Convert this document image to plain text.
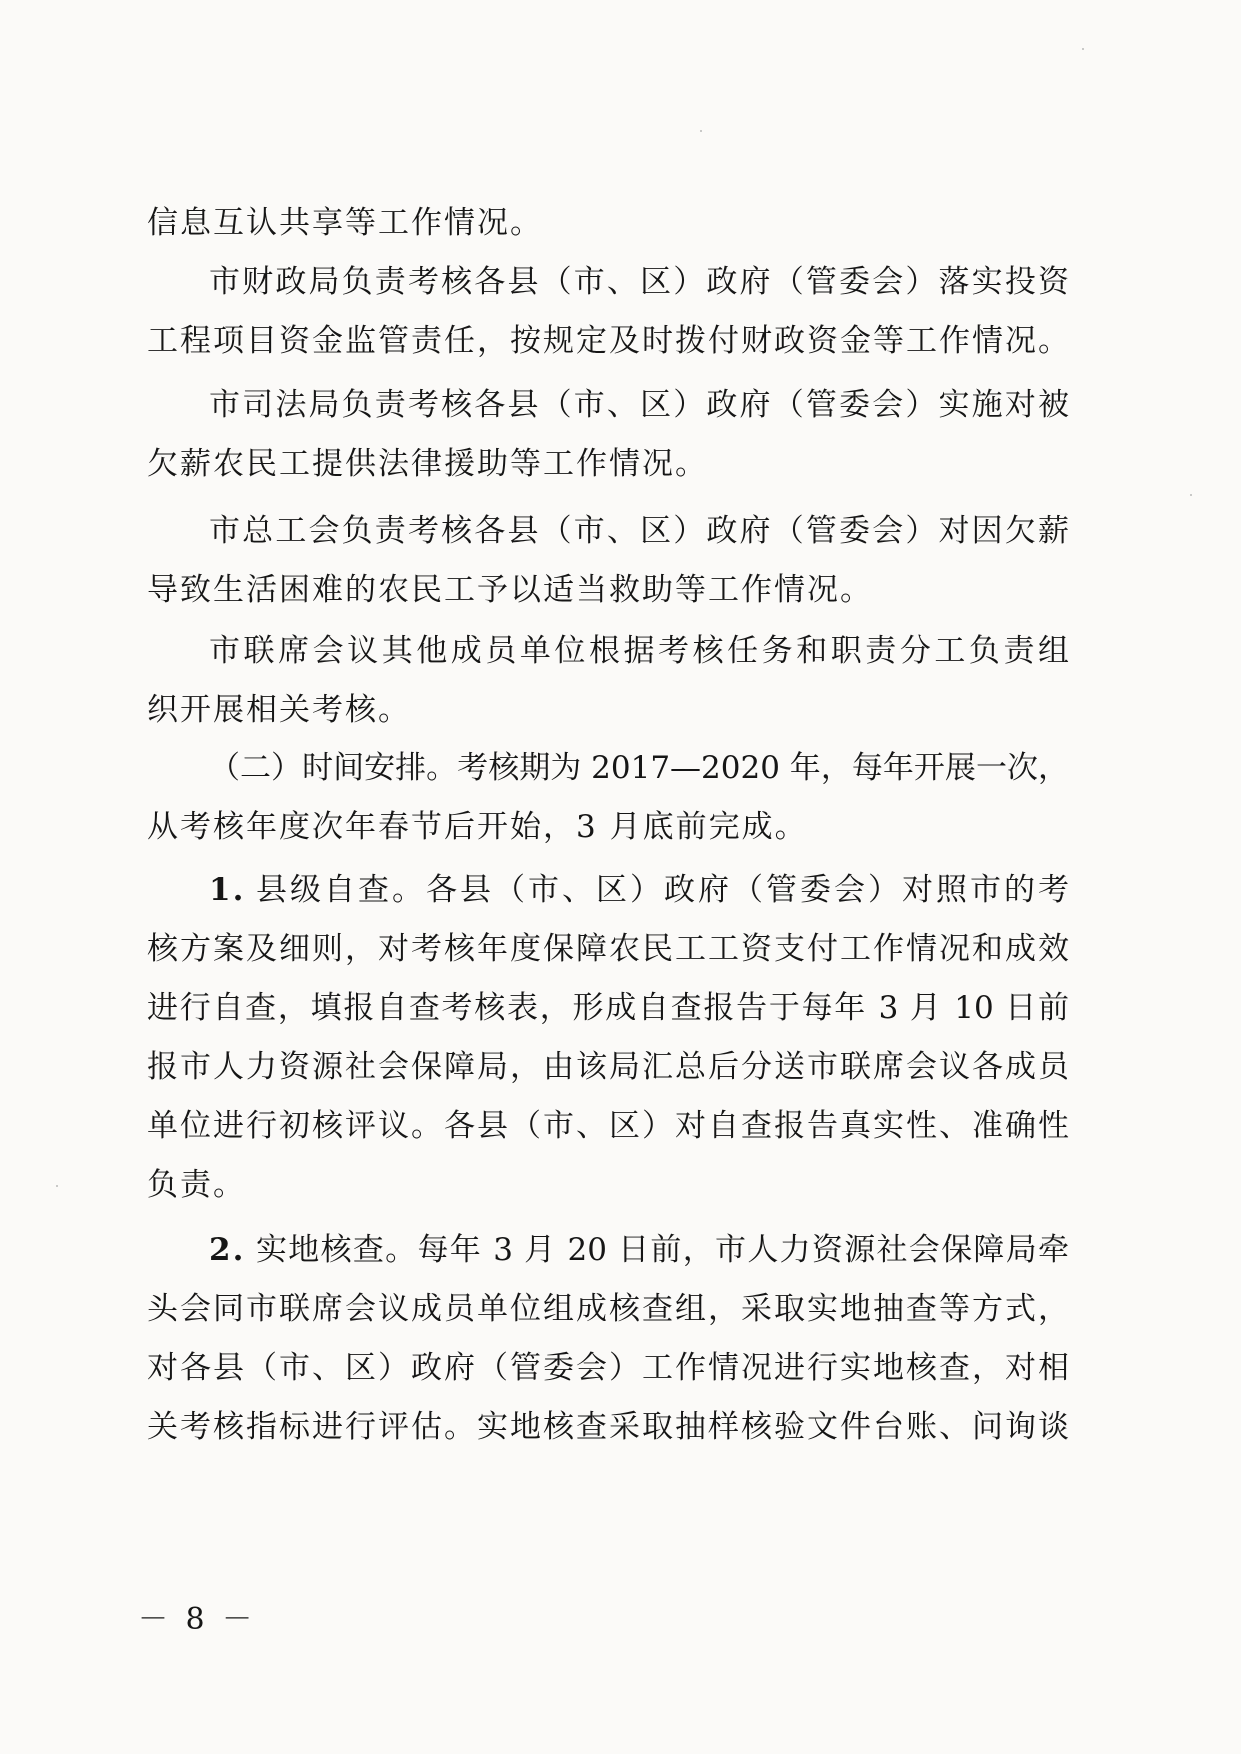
信息互认共享等工作情况。
市财政局负责考核各县（市、区）政府（管委会）落实投资
工程项目资金监管责任，按规定及时拨付财政资金等工作情况。
市司法局负责考核各县（市、区）政府（管委会）实施对被
欠薪农民工提供法律援助等工作情况。
市总工会负责考核各县（市、区）政府（管委会）对因欠薪
导致生活困难的农民工予以适当救助等工作情况。
市联席会议其他成员单位根据考核任务和职责分工负责组
织开展相关考核。
（二）时间安排。考核期为 2017—2020 年，每年开展一次，
从考核年度次年春节后开始，3 月底前完成。
1. 县级自查。各县（市、区）政府（管委会）对照市的考
核方案及细则，对考核年度保障农民工工资支付工作情况和成效
进行自查，填报自查考核表，形成自查报告于每年 3 月 10 日前
报市人力资源社会保障局，由该局汇总后分送市联席会议各成员
单位进行初核评议。各县（市、区）对自查报告真实性、准确性
负责。
2. 实地核查。每年 3 月 20 日前，市人力资源社会保障局牵
头会同市联席会议成员单位组成核查组，采取实地抽查等方式，
对各县（市、区）政府（管委会）工作情况进行实地核查，对相
关考核指标进行评估。实地核查采取抽样核验文件台账、问询谈
－ 8 －
